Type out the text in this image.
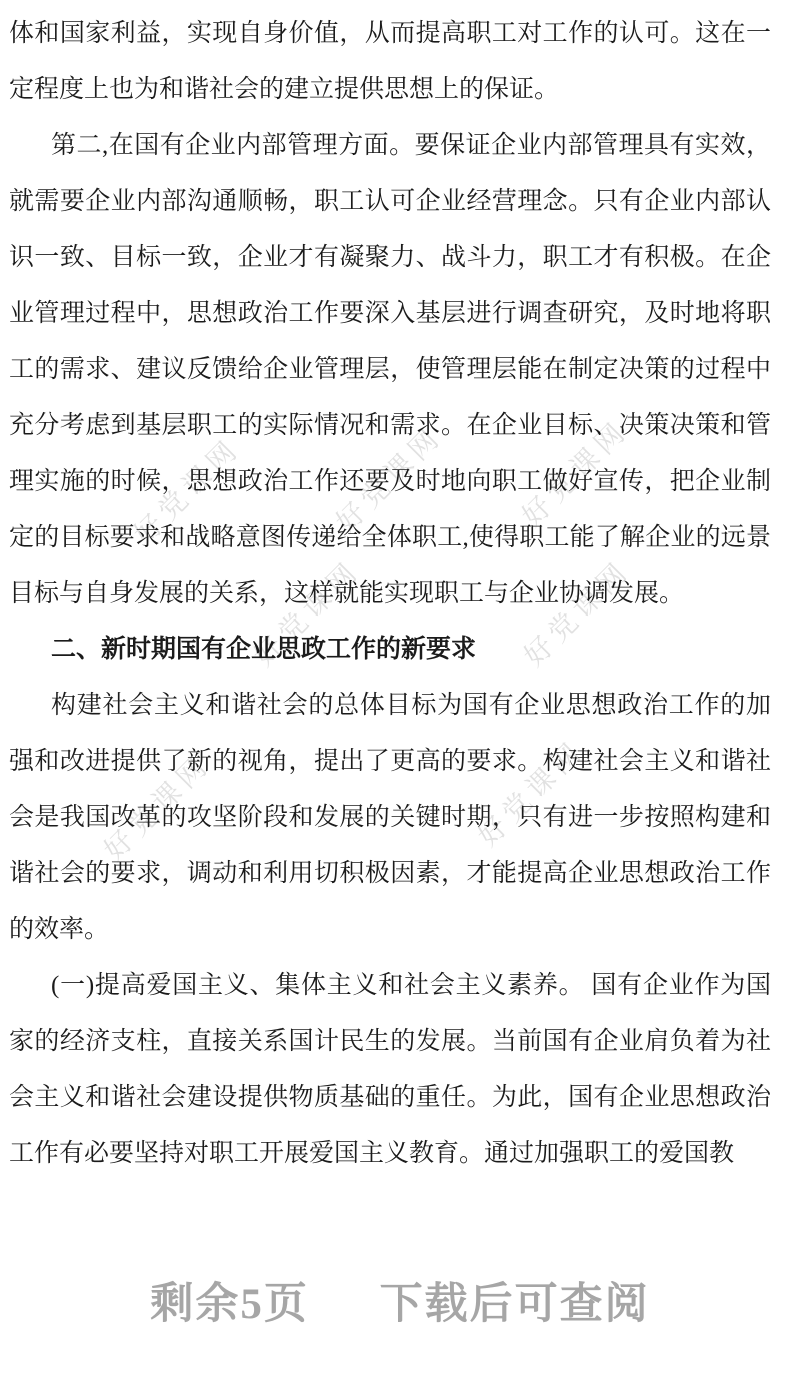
好党课网	好党课网 好党课网
好党课网	好党课网
好党课网	好党课网

体和国家利益，实现自身价值，从而提高职工对工作的认可。这在一定程度上也为和谐社会的建立提供思想上的保证。

第二,在国有企业内部管理方面。要保证企业内部管理具有实效，就需要企业内部沟通顺畅，职工认可企业经营理念。只有企业内部认识一致、目标一致，企业才有凝聚力、战斗力，职工才有积极。在企业管理过程中，思想政治工作要深入基层进行调查研究，及时地将职工的需求、建议反馈给企业管理层，使管理层能在制定决策的过程中充分考虑到基层职工的实际情况和需求。在企业目标、决策决策和管理实施的时候，思想政治工作还要及时地向职工做好宣传，把企业制定的目标要求和战略意图传递给全体职工,使得职工能了解企业的远景目标与自身发展的关系，这样就能实现职工与企业协调发展。

二、新时期国有企业思政工作的新要求

构建社会主义和谐社会的总体目标为国有企业思想政治工作的加强和改进提供了新的视角，提出了更高的要求。构建社会主义和谐社会是我国改革的攻坚阶段和发展的关键时期，只有进一步按照构建和谐社会的要求，调动和利用切积极因素，才能提高企业思想政治工作的效率。

(一)提高爱国主义、集体主义和社会主义素养。 国有企业作为国家的经济支柱，直接关系国计民生的发展。当前国有企业肩负着为社会主义和谐社会建设提供物质基础的重任。为此，国有企业思想政治工作有必要坚持对职工开展爱国主义教育。通过加强职工的爱国教

剩余5页 下载后可查阅
